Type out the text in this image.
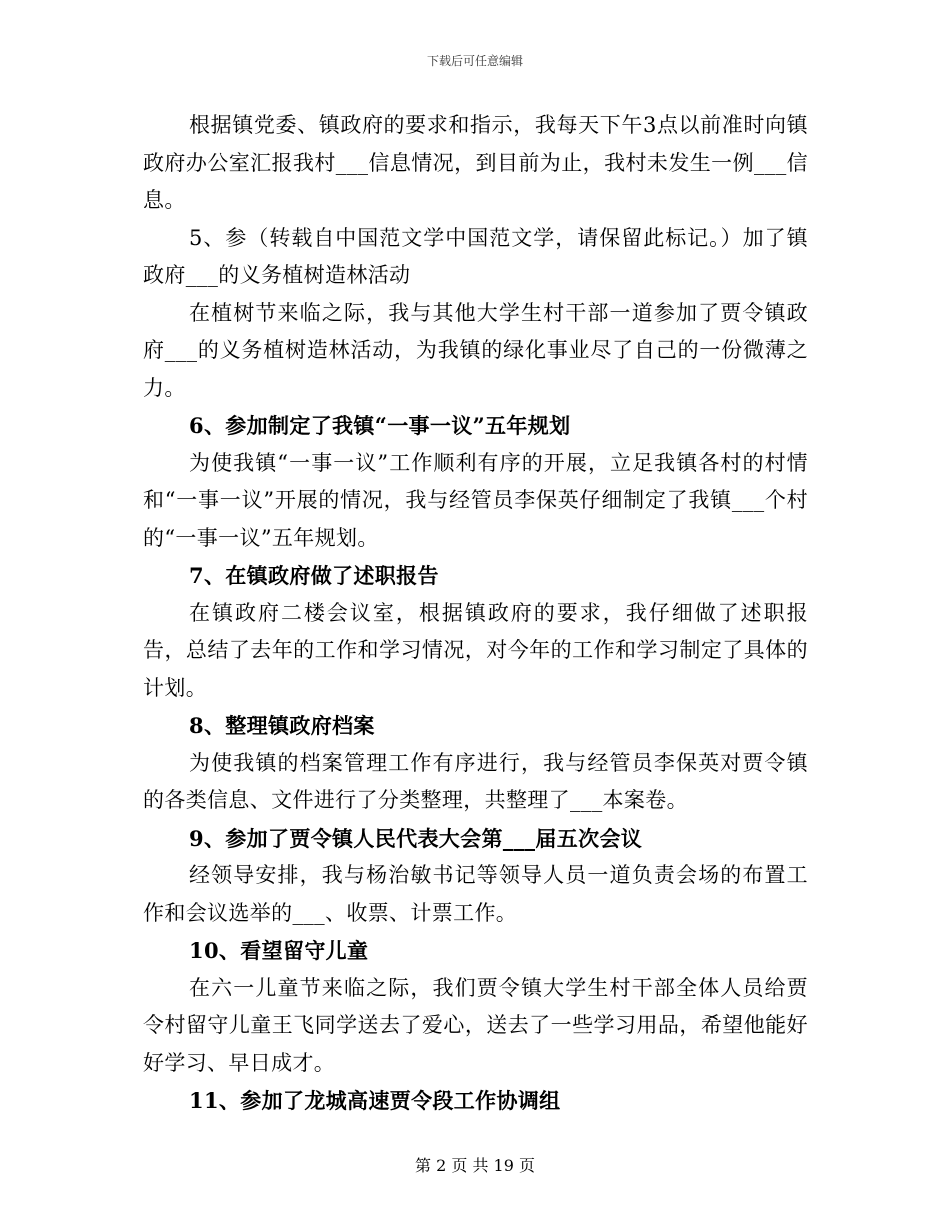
下载后可任意编辑

根据镇党委、镇政府的要求和指示，我每天下午3点以前准时向镇政府办公室汇报我村___信息情况，到目前为止，我村未发生一例___信息。

5、参（转载自中国范文学中国范文学，请保留此标记。）加了镇政府___的义务植树造林活动

在植树节来临之际，我与其他大学生村干部一道参加了贾令镇政府___的义务植树造林活动，为我镇的绿化事业尽了自己的一份微薄之力。

6、参加制定了我镇“一事一议”五年规划

为使我镇“一事一议”工作顺利有序的开展，立足我镇各村的村情和“一事一议”开展的情况，我与经管员李保英仔细制定了我镇___个村的“一事一议”五年规划。

7、在镇政府做了述职报告

在镇政府二楼会议室，根据镇政府的要求，我仔细做了述职报告，总结了去年的工作和学习情况，对今年的工作和学习制定了具体的计划。

8、整理镇政府档案

为使我镇的档案管理工作有序进行，我与经管员李保英对贾令镇的各类信息、文件进行了分类整理，共整理了___本案卷。

9、参加了贾令镇人民代表大会第___届五次会议

经领导安排，我与杨治敏书记等领导人员一道负责会场的布置工作和会议选举的___、收票、计票工作。

10、看望留守儿童

在六一儿童节来临之际，我们贾令镇大学生村干部全体人员给贾令村留守儿童王飞同学送去了爱心，送去了一些学习用品，希望他能好好学习、早日成才。

11、参加了龙城高速贾令段工作协调组

第 2 页 共 19 页
